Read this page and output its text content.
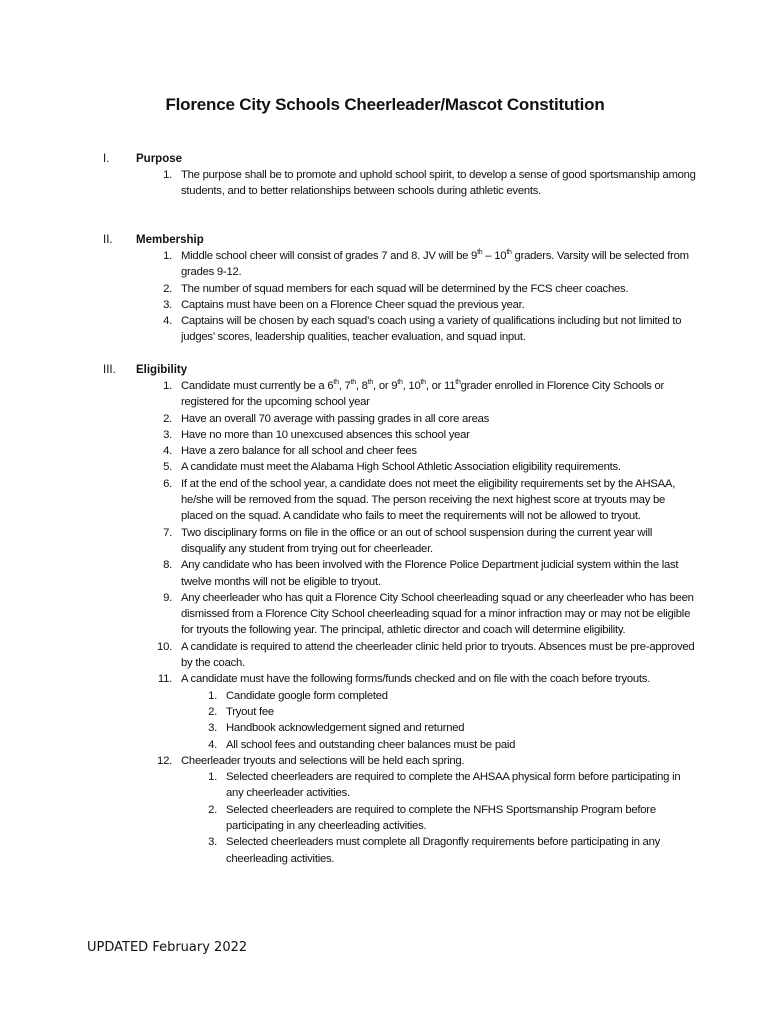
Florence City Schools Cheerleader/Mascot Constitution
I. Purpose
1. The purpose shall be to promote and uphold school spirit, to develop a sense of good sportsmanship among students, and to better relationships between schools during athletic events.
II. Membership
1. Middle school cheer will consist of grades 7 and 8. JV will be 9th – 10th graders. Varsity will be selected from grades 9-12.
2. The number of squad members for each squad will be determined by the FCS cheer coaches.
3. Captains must have been on a Florence Cheer squad the previous year.
4. Captains will be chosen by each squad’s coach using a variety of qualifications including but not limited to judges’ scores, leadership qualities, teacher evaluation, and squad input.
III. Eligibility
1. Candidate must currently be a 6th, 7th, 8th, or 9th, 10th, or 11thgrader enrolled in Florence City Schools or registered for the upcoming school year
2. Have an overall 70 average with passing grades in all core areas
3. Have no more than 10 unexcused absences this school year
4. Have a zero balance for all school and cheer fees
5. A candidate must meet the Alabama High School Athletic Association eligibility requirements.
6. If at the end of the school year, a candidate does not meet the eligibility requirements set by the AHSAA, he/she will be removed from the squad. The person receiving the next highest score at tryouts may be placed on the squad. A candidate who fails to meet the requirements will not be allowed to tryout.
7. Two disciplinary forms on file in the office or an out of school suspension during the current year will disqualify any student from trying out for cheerleader.
8. Any candidate who has been involved with the Florence Police Department judicial system within the last twelve months will not be eligible to tryout.
9. Any cheerleader who has quit a Florence City School cheerleading squad or any cheerleader who has been dismissed from a Florence City School cheerleading squad for a minor infraction may or may not be eligible for tryouts the following year. The principal, athletic director and coach will determine eligibility.
10. A candidate is required to attend the cheerleader clinic held prior to tryouts. Absences must be pre-approved by the coach.
11. A candidate must have the following forms/funds checked and on file with the coach before tryouts.
1. Candidate google form completed
2. Tryout fee
3. Handbook acknowledgement signed and returned
4. All school fees and outstanding cheer balances must be paid
12. Cheerleader tryouts and selections will be held each spring.
1. Selected cheerleaders are required to complete the AHSAA physical form before participating in any cheerleader activities.
2. Selected cheerleaders are required to complete the NFHS Sportsmanship Program before participating in any cheerleading activities.
3. Selected cheerleaders must complete all Dragonfly requirements before participating in any cheerleading activities.
UPDATED February 2022
